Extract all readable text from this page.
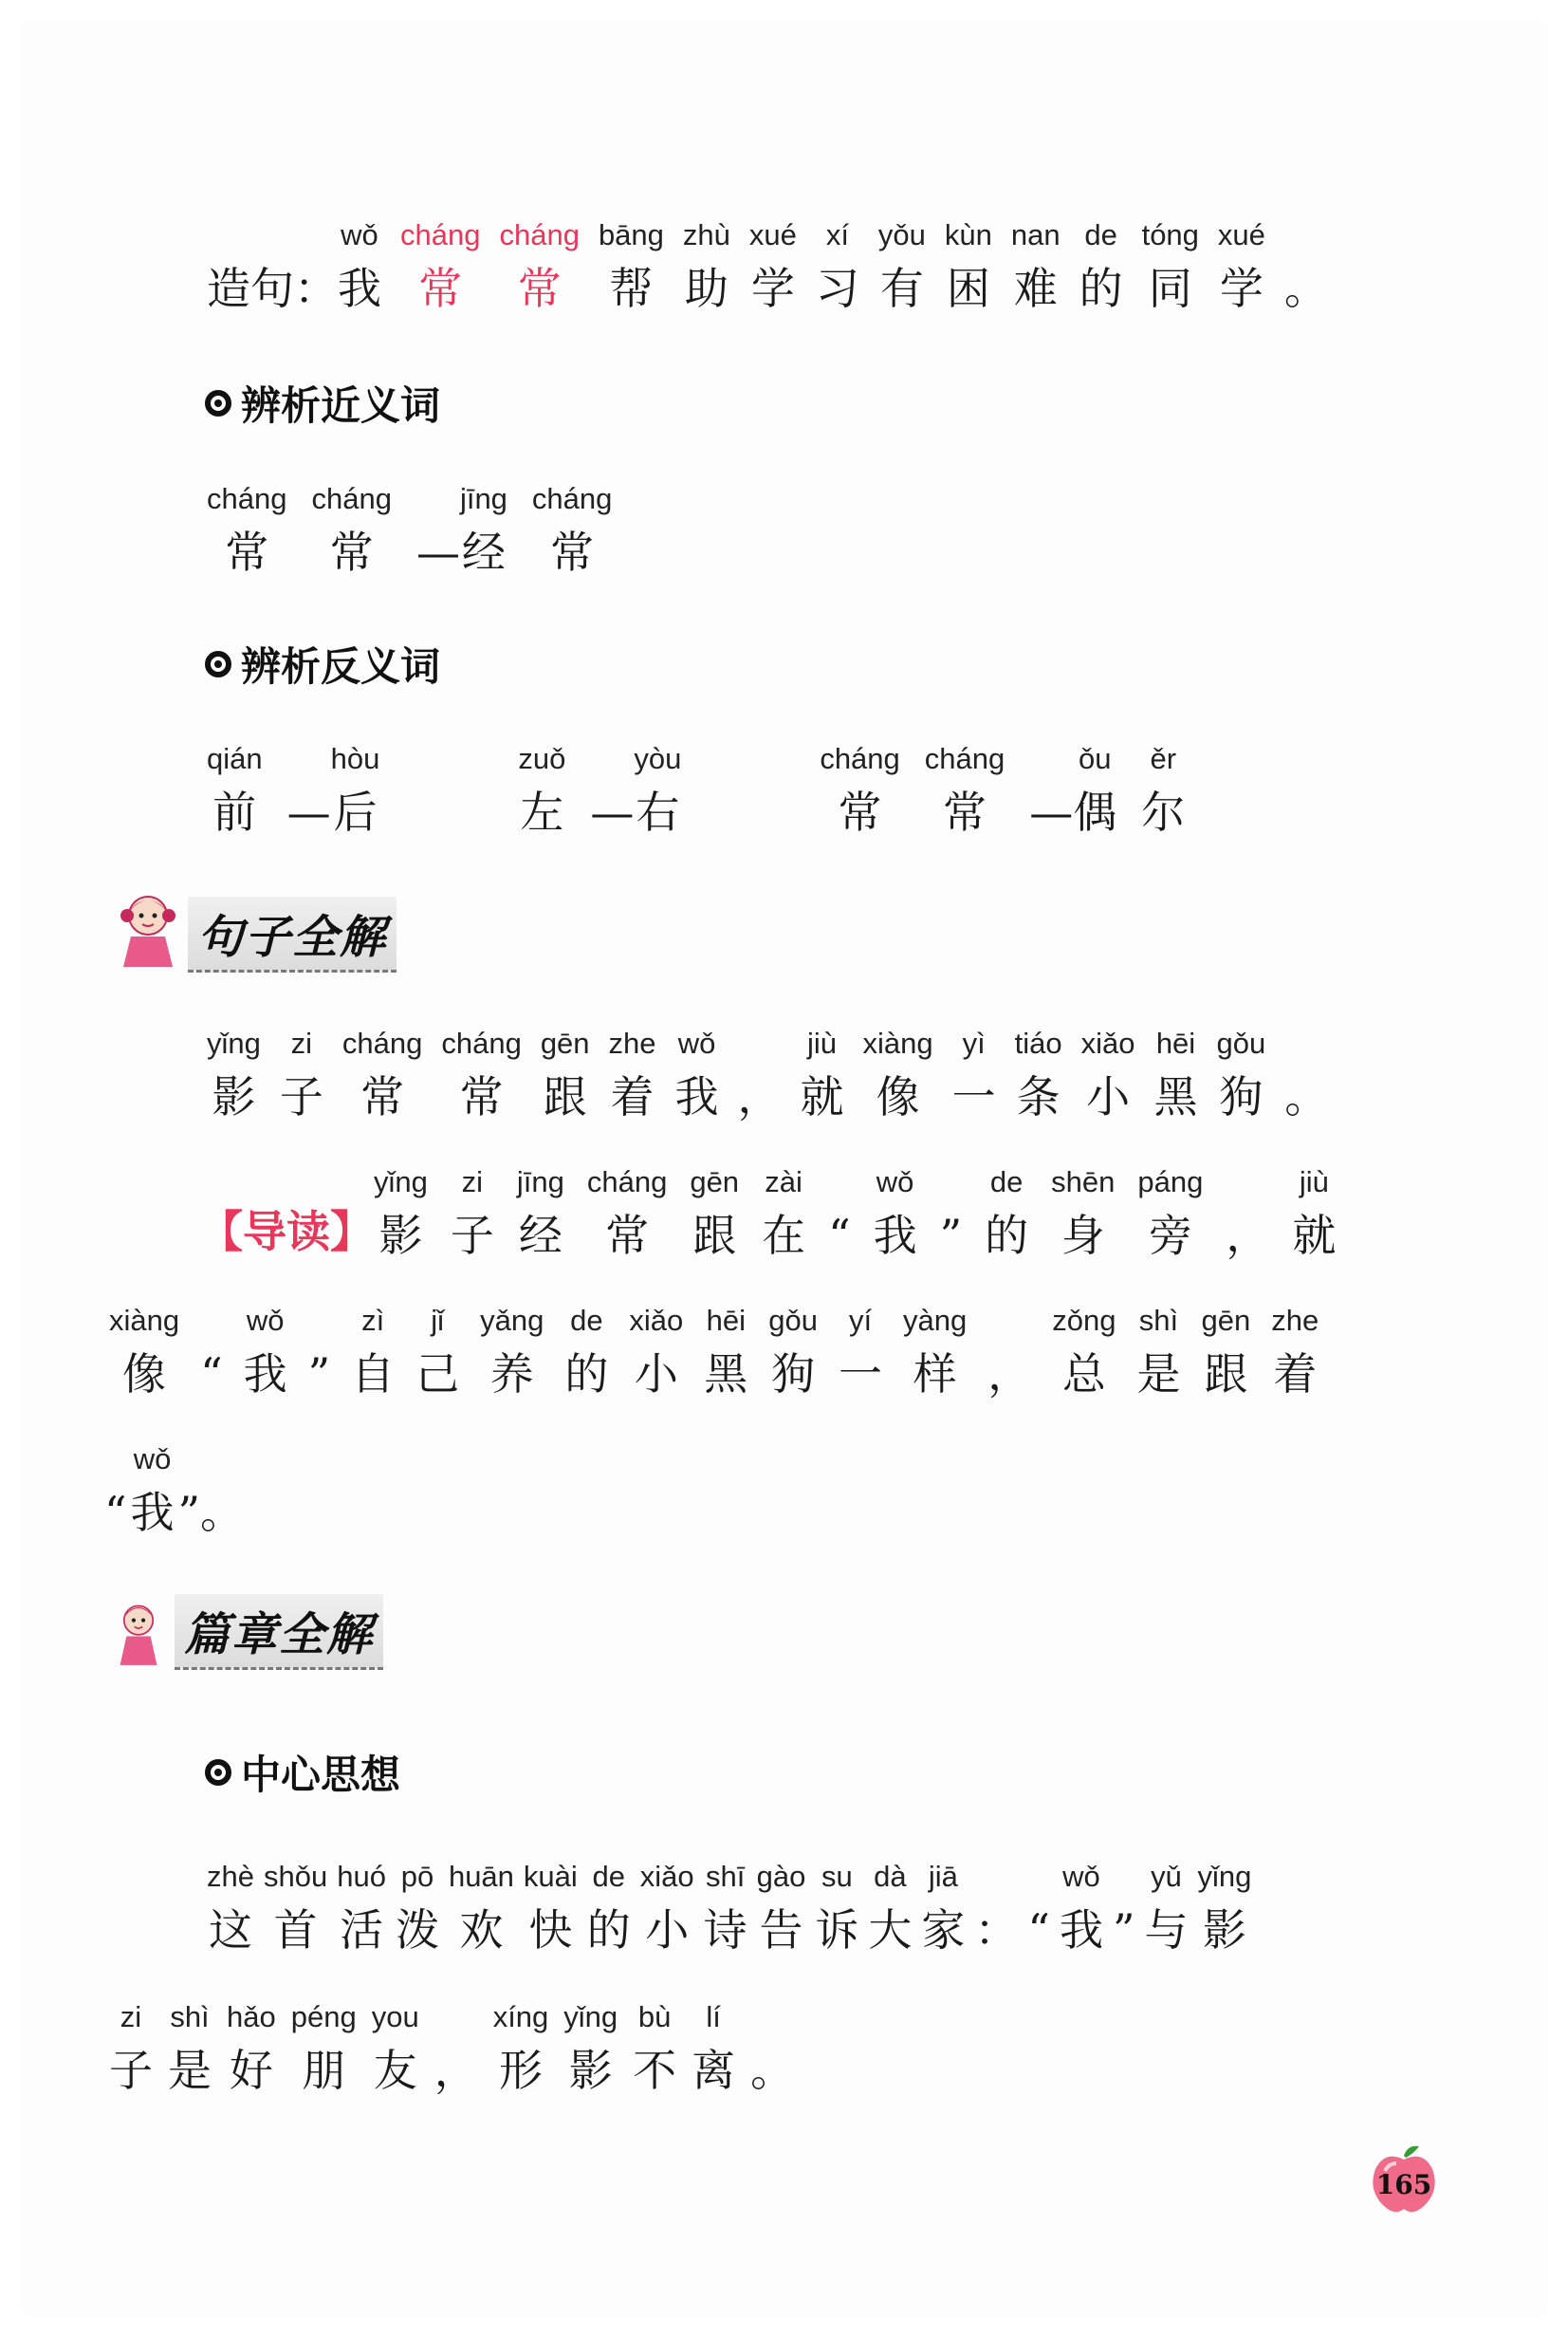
造句： 我wǒ
常cháng
常cháng
帮bāng
助zhù
学xué
习xí
有yǒu
困kùn
难nan
的de
同tóng
学xué
。
辨析近义词
常cháng
常cháng
— 经jīng
常cháng
辨析反义词
前qián
— 后hòu
左zuǒ
— 右yòu
常cháng
常cháng
— 偶ǒu
尔ěr
句子全解
影yǐng
子zi
常cháng
常cháng
跟gēn
着zhe
我wǒ
， 就jiù
像xiàng
一yì
条tiáo
小xiǎo
黑hēi
狗gǒu
。
【导读】 影yǐng
子zi
经jīng
常cháng
跟gēn
在zài
“ 我wǒ
” 的de
身shēn
旁páng
， 就jiù
像xiàng
“ 我wǒ
” 自zì
己jǐ
养yǎng
的de
小xiǎo
黑hēi
狗gǒu
一yí
样yàng
， 总zǒng
是shì
跟gēn
着zhe
“ 我wǒ
”。
篇章全解
中心思想
这zhè
首shǒu
活huó
泼pō
欢huān
快kuài
的de
小xiǎo
诗shī
告gào
诉su
大dà
家jiā
： “ 我wǒ
” 与yǔ
影yǐng
子zi
是shì
好hǎo
朋péng
友you
， 形xíng
影yǐng
不bù
离lí
。
165
